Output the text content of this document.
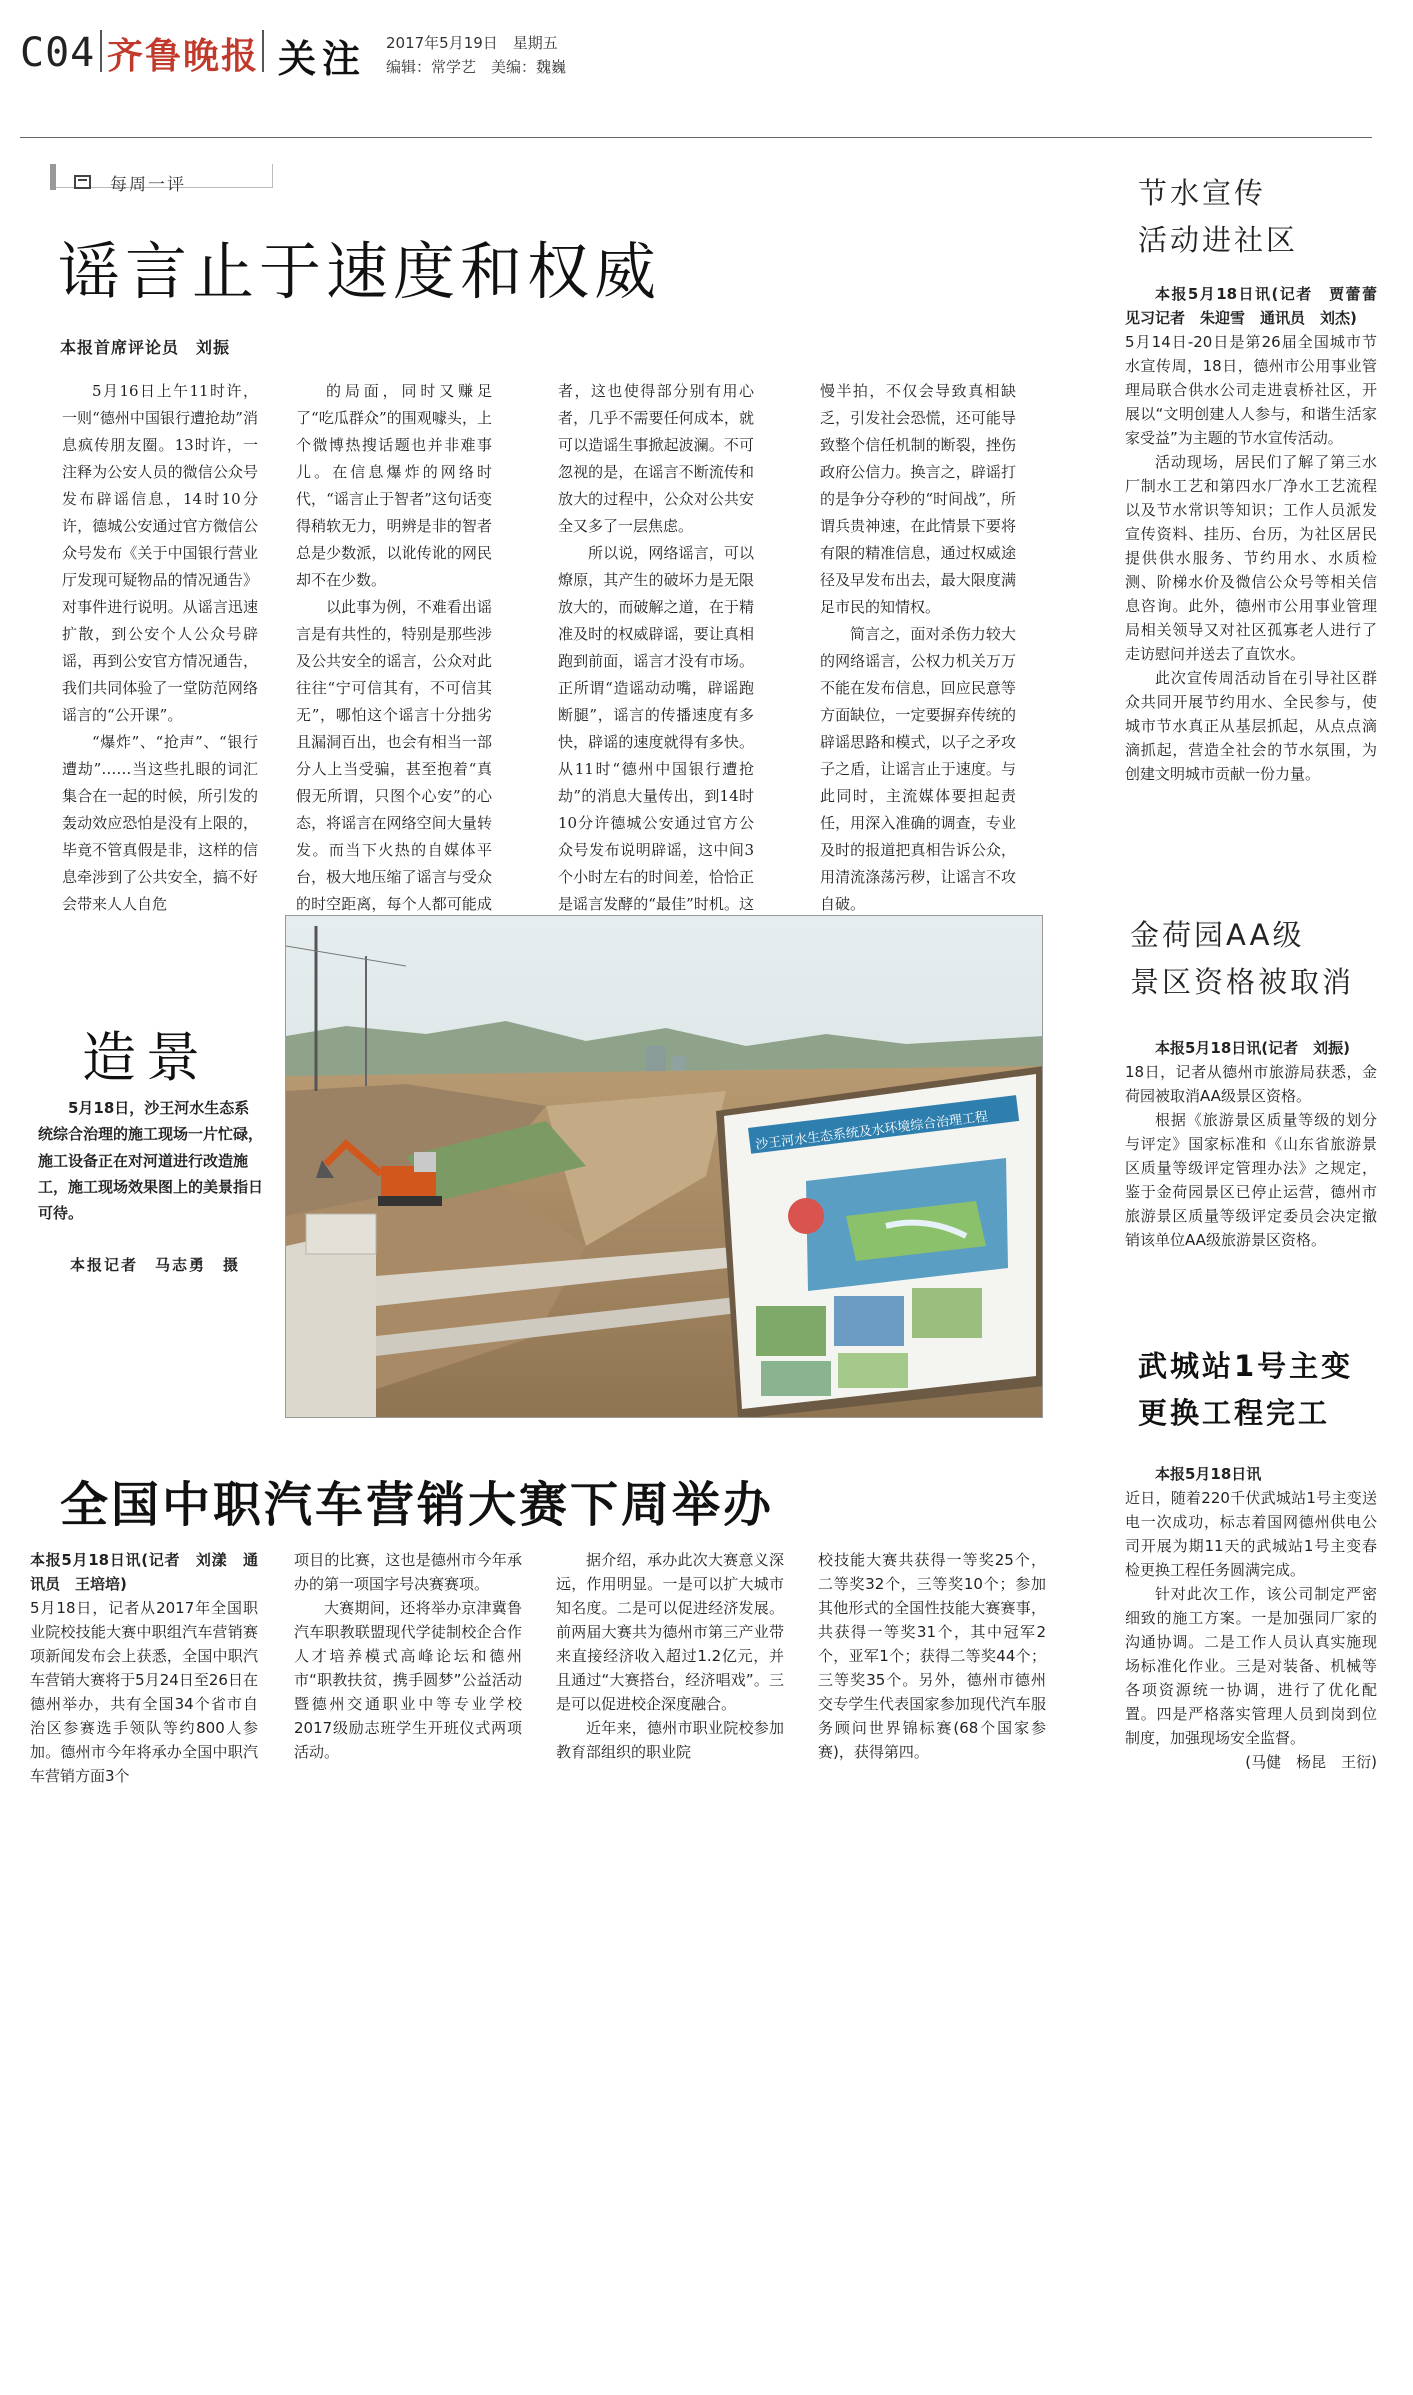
C04 齐鲁晚报 关注 2017年5月19日　星期五
编辑：常学艺　美编：魏巍
每周一评
谣言止于速度和权威
本报首席评论员　刘振

5月16日上午11时许，一则“德州中国银行遭抢劫”消息疯传朋友圈。13时许，一注释为公安人员的微信公众号发布辟谣信息，14时10分许，德城公安通过官方微信公众号发布《关于中国银行营业厅发现可疑物品的情况通告》对事件进行说明。从谣言迅速扩散，到公安个人公众号辟谣，再到公安官方情况通告，我们共同体验了一堂防范网络谣言的“公开课”。

“爆炸”、“抢声”、“银行遭劫”……当这些扎眼的词汇集合在一起的时候，所引发的轰动效应恐怕是没有上限的，毕竟不管真假是非，这样的信息牵涉到了公共安全，搞不好会带来人人自危

的局面，同时又赚足了“吃瓜群众”的围观噱头，上个微博热搜话题也并非难事儿。在信息爆炸的网络时代，“谣言止于智者”这句话变得稍软无力，明辨是非的智者总是少数派，以讹传讹的网民却不在少数。

以此事为例，不难看出谣言是有共性的，特别是那些涉及公共安全的谣言，公众对此往往“宁可信其有，不可信其无”，哪怕这个谣言十分拙劣且漏洞百出，也会有相当一部分人上当受骗，甚至抱着“真假无所谓，只图个心安”的心态，将谣言在网络空间大量转发。而当下火热的自媒体平台，极大地压缩了谣言与受众的时空距离，每个人都可能成

者，这也使得部分别有用心者，几乎不需要任何成本，就可以造谣生事掀起波澜。不可忽视的是，在谣言不断流传和放大的过程中，公众对公共安全又多了一层焦虑。

所以说，网络谣言，可以燎原，其产生的破坏力是无限放大的，而破解之道，在于精准及时的权威辟谣，要让真相跑到前面，谣言才没有市场。正所谓“造谣动动嘴，辟谣跑断腿”，谣言的传播速度有多快，辟谣的速度就得有多快。从11时“德州中国银行遭抢劫”的消息大量传出，到14时10分许德城公安通过官方公众号发布说明辟谣，这中间3个小时左右的时间差，恰恰正是谣言发酵的“最佳”时机。这

慢半拍，不仅会导致真相缺乏，引发社会恐慌，还可能导致整个信任机制的断裂，挫伤政府公信力。换言之，辟谣打的是争分夺秒的“时间战”，所谓兵贵神速，在此情景下要将有限的精准信息，通过权威途径及早发布出去，最大限度满足市民的知情权。

简言之，面对杀伤力较大的网络谣言，公权力机关万万不能在发布信息，回应民意等方面缺位，一定要摒弃传统的辟谣思路和模式，以子之矛攻子之盾，让谣言止于速度。与此同时，主流媒体要担起责任，用深入准确的调查，专业及时的报道把真相告诉公众，用清流涤荡污秽，让谣言不攻自破。

造景
5月18日，沙王河水生态系统综合治理的施工现场一片忙碌，施工设备正在对河道进行改造施工，施工现场效果图上的美景指日可待。
本报记者　马志勇　摄
沙王河水生态系统及水环境综合治理工程
全国中职汽车营销大赛下周举办

本报5月18日讯(记者　刘漾　通讯员　王培培)

5月18日，记者从2017年全国职业院校技能大赛中职组汽车营销赛项新闻发布会上获悉，全国中职汽车营销大赛将于5月24日至26日在德州举办，共有全国34个省市自治区参赛选手领队等约800人参加。德州市今年将承办全国中职汽车营销方面3个

项目的比赛，这也是德州市今年承办的第一项国字号决赛赛项。

大赛期间，还将举办京津冀鲁汽车职教联盟现代学徒制校企合作人才培养模式高峰论坛和德州市“职教扶贫，携手圆梦”公益活动暨德州交通职业中等专业学校2017级励志班学生开班仪式两项活动。

据介绍，承办此次大赛意义深远，作用明显。一是可以扩大城市知名度。二是可以促进经济发展。前两届大赛共为德州市第三产业带来直接经济收入超过1.2亿元，并且通过“大赛搭台，经济唱戏”。三是可以促进校企深度融合。

近年来，德州市职业院校参加教育部组织的职业院

校技能大赛共获得一等奖25个，二等奖32个，三等奖10个；参加其他形式的全国性技能大赛赛事，共获得一等奖31个，其中冠军2个，亚军1个；获得二等奖44个；三等奖35个。另外，德州市德州交专学生代表国家参加现代汽车服务顾问世界锦标赛(68个国家参赛)，获得第四。

节水宣传
活动进社区

本报5月18日讯(记者　贾蕾蕾　见习记者　朱迎雪　通讯员　刘杰)

5月14日-20日是第26届全国城市节水宣传周，18日，德州市公用事业管理局联合供水公司走进袁桥社区，开展以“文明创建人人参与，和谐生活家家受益”为主题的节水宣传活动。

活动现场，居民们了解了第三水厂制水工艺和第四水厂净水工艺流程以及节水常识等知识；工作人员派发宣传资料、挂历、台历，为社区居民提供供水服务、节约用水、水质检测、阶梯水价及微信公众号等相关信息咨询。此外，德州市公用事业管理局相关领导又对社区孤寡老人进行了走访慰问并送去了直饮水。

此次宣传周活动旨在引导社区群众共同开展节约用水、全民参与，使城市节水真正从基层抓起，从点点滴滴抓起，营造全社会的节水氛围，为创建文明城市贡献一份力量。

金荷园AA级
景区资格被取消

本报5月18日讯(记者　刘振)

18日，记者从德州市旅游局获悉，金荷园被取消AA级景区资格。

根据《旅游景区质量等级的划分与评定》国家标准和《山东省旅游景区质量等级评定管理办法》之规定，鉴于金荷园景区已停止运营，德州市旅游景区质量等级评定委员会决定撤销该单位AA级旅游景区资格。

武城站1号主变
更换工程完工

本报5月18日讯

近日，随着220千伏武城站1号主变送电一次成功，标志着国网德州供电公司开展为期11天的武城站1号主变春检更换工程任务圆满完成。

针对此次工作，该公司制定严密细致的施工方案。一是加强同厂家的沟通协调。二是工作人员认真实施现场标准化作业。三是对装备、机械等各项资源统一协调，进行了优化配置。四是严格落实管理人员到岗到位制度，加强现场安全监督。

(马健　杨昆　王衍)
